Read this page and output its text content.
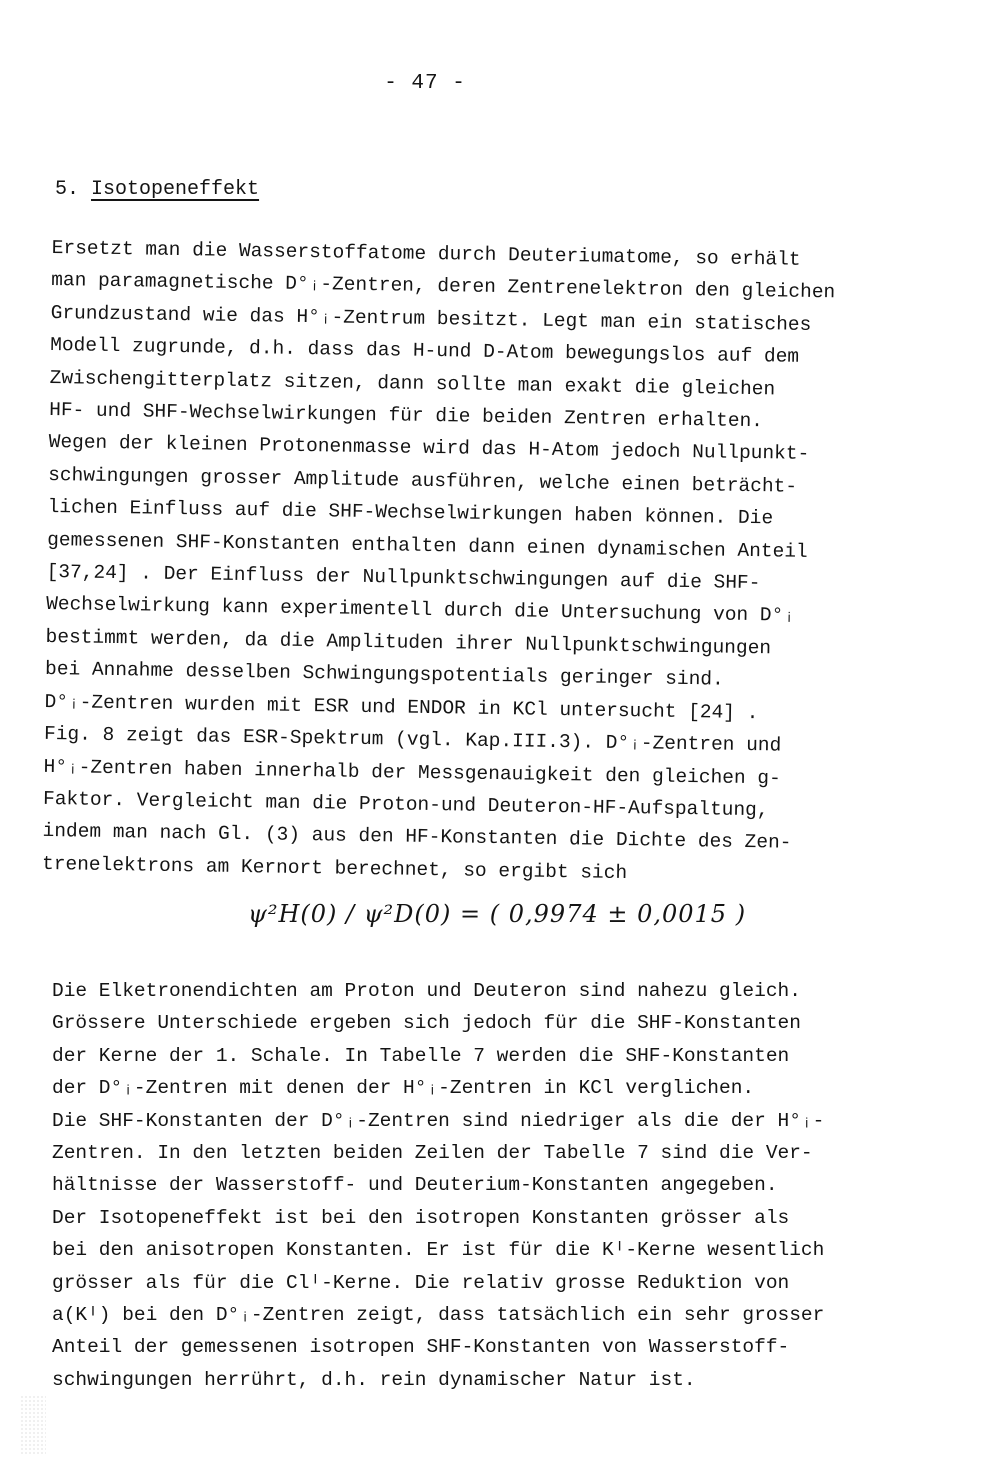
- 47 -
5. Isotopeneffekt
Ersetzt man die Wasserstoffatome durch Deuteriumatome, so erhält
man paramagnetische D°ᵢ-Zentren, deren Zentrenelektron den gleichen
Grundzustand wie das H°ᵢ-Zentrum besitzt. Legt man ein statisches
Modell zugrunde, d.h. dass das H-und D-Atom bewegungslos auf dem
Zwischengitterplatz sitzen, dann sollte man exakt die gleichen
HF- und SHF-Wechselwirkungen für die beiden Zentren erhalten.
Wegen der kleinen Protonenmasse wird das H-Atom jedoch Nullpunkt-
schwingungen grosser Amplitude ausführen, welche einen beträcht-
lichen Einfluss auf die SHF-Wechselwirkungen haben können. Die
gemessenen SHF-Konstanten enthalten dann einen dynamischen Anteil
[37,24] . Der Einfluss der Nullpunktschwingungen auf die SHF-
Wechselwirkung kann experimentell durch die Untersuchung von D°ᵢ
bestimmt werden, da die Amplituden ihrer Nullpunktschwingungen
bei Annahme desselben Schwingungspotentials geringer sind.
D°ᵢ-Zentren wurden mit ESR und ENDOR in KCl untersucht [24] .
Fig. 8 zeigt das ESR-Spektrum (vgl. Kap.III.3). D°ᵢ-Zentren und
H°ᵢ-Zentren haben innerhalb der Messgenauigkeit den gleichen g-
Faktor. Vergleicht man die Proton-und Deuteron-HF-Aufspaltung,
indem man nach Gl. (3) aus den HF-Konstanten die Dichte des Zen-
trenelektrons am Kernort berechnet, so ergibt sich
ψ²H(0) / ψ²D(0) = ( 0,9974 ± 0,0015 )
Die Elketronendichten am Proton und Deuteron sind nahezu gleich.
Grössere Unterschiede ergeben sich jedoch für die SHF-Konstanten
der Kerne der 1. Schale. In Tabelle 7 werden die SHF-Konstanten
der D°ᵢ-Zentren mit denen der H°ᵢ-Zentren in KCl verglichen.
Die SHF-Konstanten der D°ᵢ-Zentren sind niedriger als die der H°ᵢ-
Zentren. In den letzten beiden Zeilen der Tabelle 7 sind die Ver-
hältnisse der Wasserstoff- und Deuterium-Konstanten angegeben.
Der Isotopeneffekt ist bei den isotropen Konstanten grösser als
bei den anisotropen Konstanten. Er ist für die Kᴵ-Kerne wesentlich
grösser als für die Clᴵ-Kerne. Die relativ grosse Reduktion von
a(Kᴵ) bei den D°ᵢ-Zentren zeigt, dass tatsächlich ein sehr grosser
Anteil der gemessenen isotropen SHF-Konstanten von Wasserstoff-
schwingungen herrührt, d.h. rein dynamischer Natur ist.
